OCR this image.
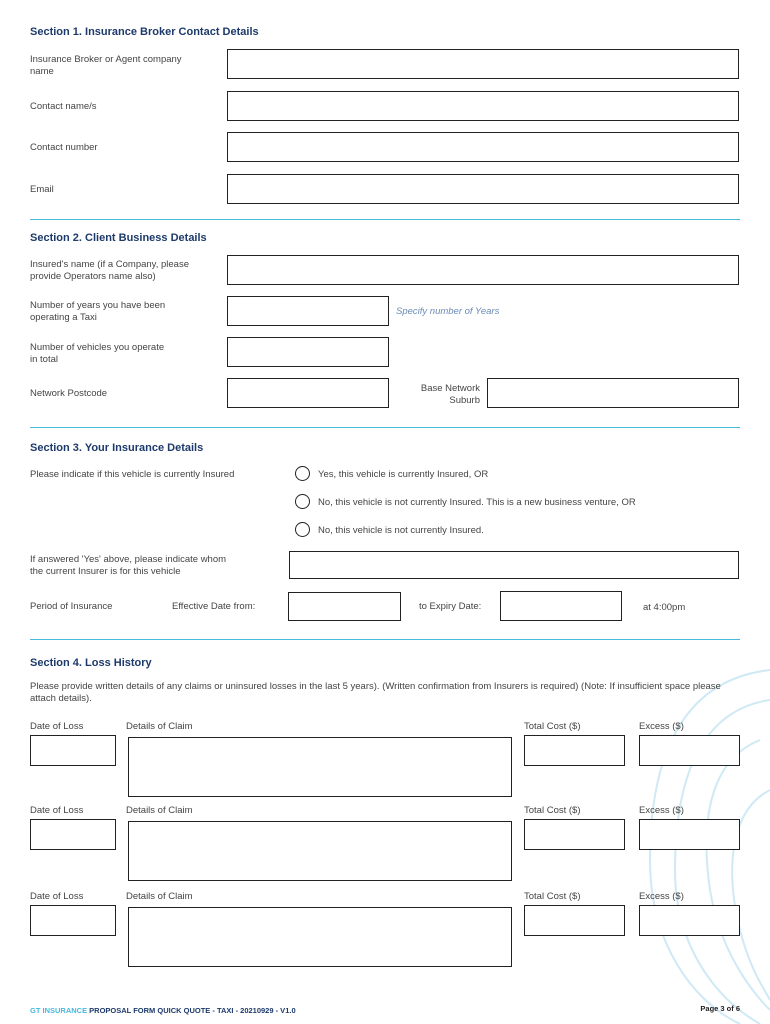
Section 1. Insurance Broker Contact Details
Insurance Broker or Agent company
name
Contact name/s
Contact number
Email
Section 2. Client Business Details
Insured's name (if a Company, please
provide Operators name also)
Number of years you have been
operating a Taxi
Specify number of Years
Number of vehicles you operate
in total
Network Postcode	Base Network
Suburb
Section 3. Your Insurance Details
Please indicate if this vehicle is currently Insured	Yes, this vehicle is currently Insured, OR
No, this vehicle is not currently Insured. This is a new business venture, OR
No, this vehicle is not currently Insured.
If answered 'Yes' above, please indicate whom
the current Insurer is for this vehicle
Period of Insurance	Effective Date from:	to Expiry Date:	at 4:00pm
Section 4. Loss History
Please provide written details of any claims or uninsured losses in the last 5 years). (Written confirmation from Insurers is required) (Note: If insufficient space please attach details).
Date of Loss	Details of Claim	Total Cost ($)	Excess ($)
Date of Loss	Details of Claim	Total Cost ($)	Excess ($)
Date of Loss	Details of Claim	Total Cost ($)	Excess ($)
GT INSURANCE PROPOSAL FORM QUICK QUOTE - TAXI - 20210929 - V1.0	Page 3 of 6
